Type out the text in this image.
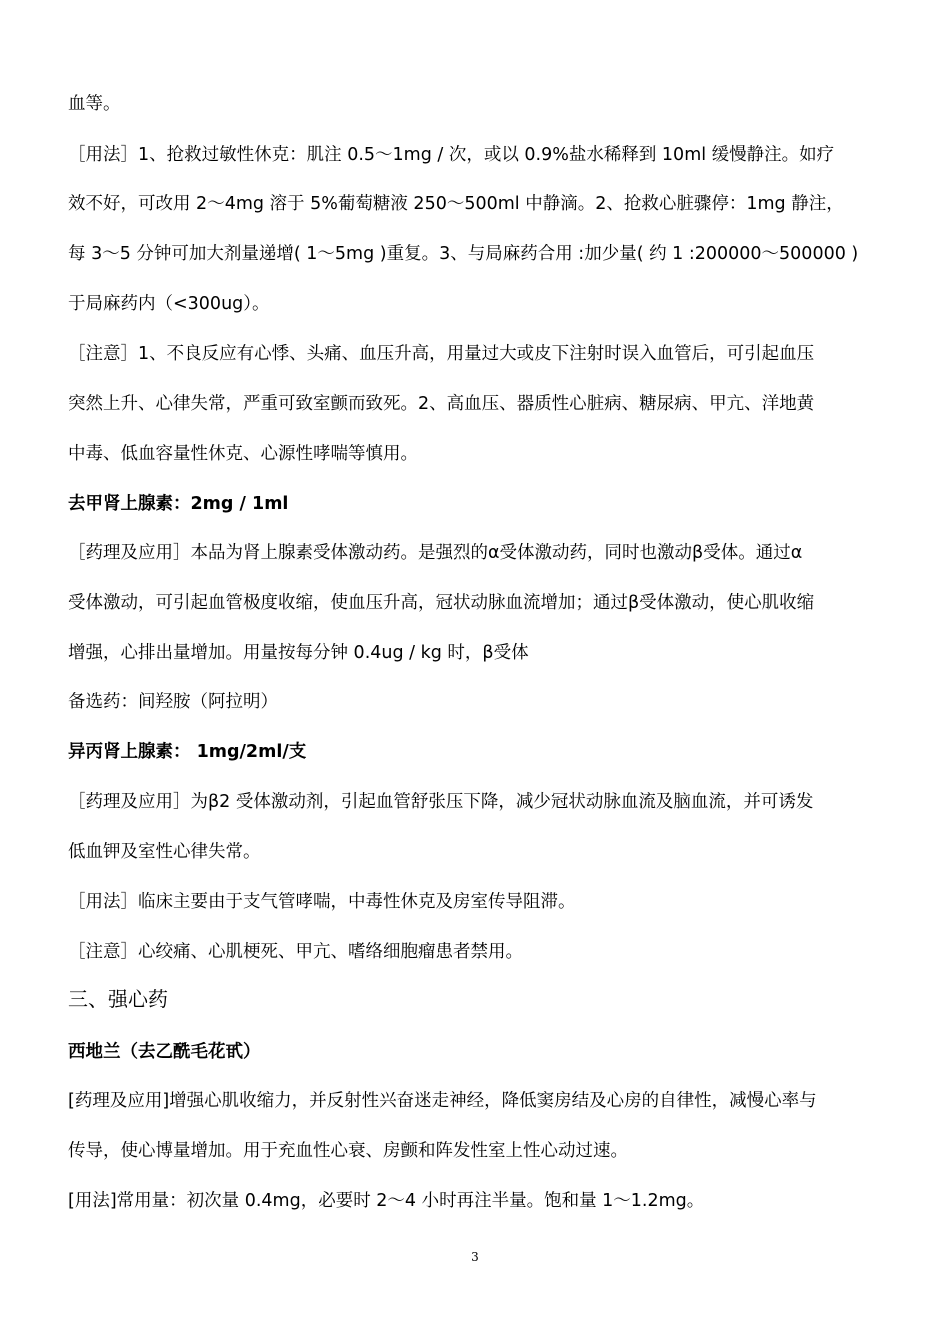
血等。
［用法］1、抢救过敏性休克：肌注 0.5～1mg / 次，或以 0.9%盐水稀释到 10ml 缓慢静注。如疗
效不好，可改用 2～4mg 溶于 5%葡萄糖液 250～500ml 中静滴。2、抢救心脏骤停：1mg 静注，
每 3～5 分钟可加大剂量递增( 1～5mg )重复。3、与局麻药合用 :加少量( 约 1 :200000～500000 )
于局麻药内（<300ug）。
［注意］1、不良反应有心悸、头痛、血压升高，用量过大或皮下注射时误入血管后，可引起血压
突然上升、心律失常，严重可致室颤而致死。2、高血压、器质性心脏病、糖尿病、甲亢、洋地黄
中毒、低血容量性休克、心源性哮喘等慎用。
去甲肾上腺素：2mg / 1ml
［药理及应用］本品为肾上腺素受体激动药。是强烈的α受体激动药，同时也激动β受体。通过α
受体激动，可引起血管极度收缩，使血压升高，冠状动脉血流增加；通过β受体激动，使心肌收缩
增强，心排出量增加。用量按每分钟 0.4ug / kg 时，β受体
备选药：间羟胺（阿拉明）
异丙肾上腺素： 1mg/2ml/支
［药理及应用］为β2 受体激动剂，引起血管舒张压下降，减少冠状动脉血流及脑血流，并可诱发
低血钾及室性心律失常。
［用法］临床主要由于支气管哮喘，中毒性休克及房室传导阻滞。
［注意］心绞痛、心肌梗死、甲亢、嗜络细胞瘤患者禁用。
三、强心药
西地兰（去乙酰毛花甙）
[药理及应用]增强心肌收缩力，并反射性兴奋迷走神经，降低窦房结及心房的自律性，减慢心率与
传导，使心博量增加。用于充血性心衰、房颤和阵发性室上性心动过速。
[用法]常用量：初次量 0.4mg，必要时 2～4 小时再注半量。饱和量 1～1.2mg。
3
